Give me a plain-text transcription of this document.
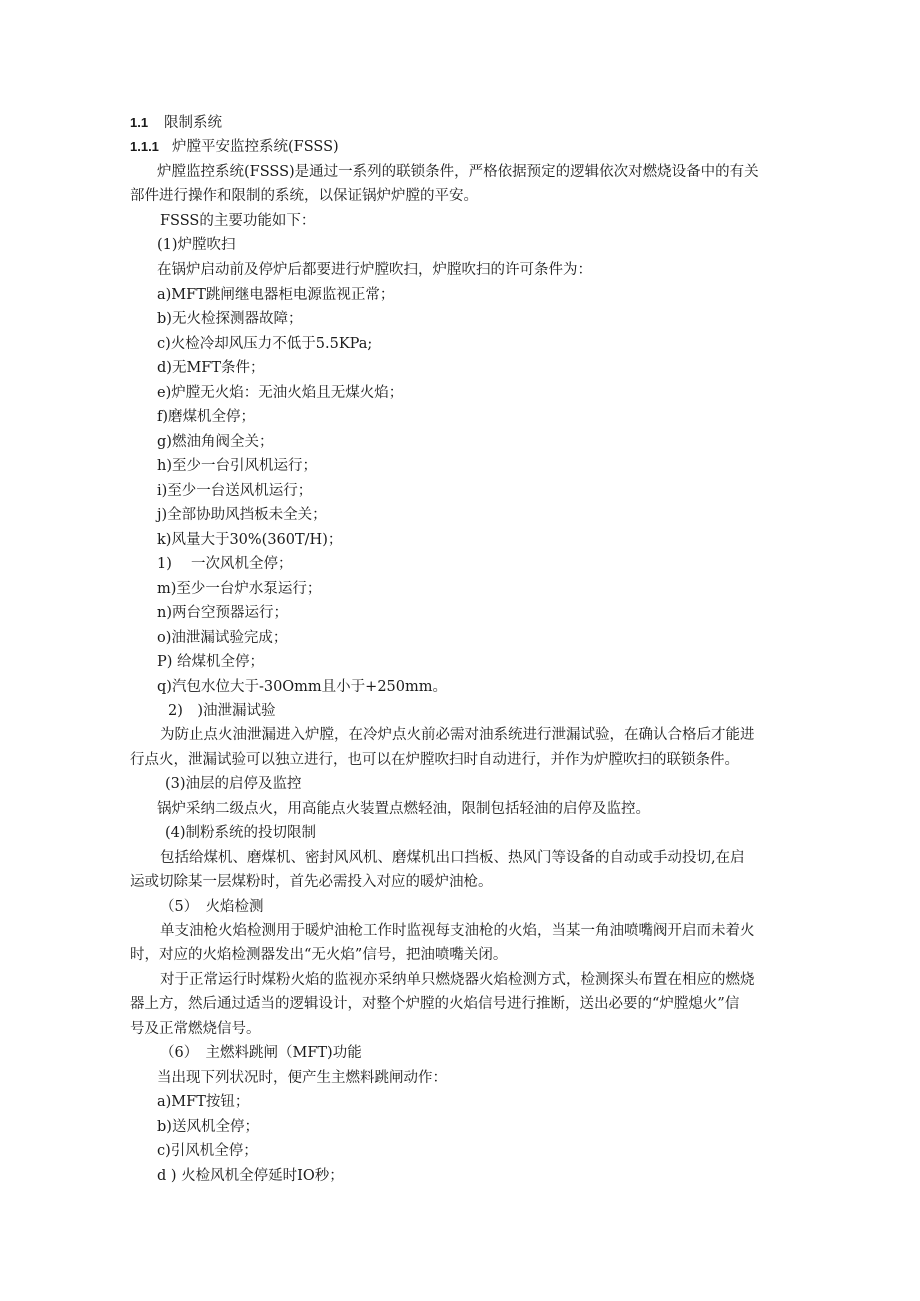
1.1 限制系统
1.1.1 炉膛平安监控系统(FSSS)
炉膛监控系统(FSSS)是通过一系列的联锁条件，严格依据预定的逻辑依次对燃烧设备中的有关
部件进行操作和限制的系统，以保证锅炉炉膛的平安。
FSSS的主要功能如下：
(1)炉膛吹扫
在锅炉启动前及停炉后都要进行炉膛吹扫，炉膛吹扫的许可条件为：
a)MFT跳闸继电器柜电源监视正常；
b)无火检探测器故障；
c)火检冷却风压力不低于5.5KPa;
d)无MFT条件；
e)炉膛无火焰：无油火焰且无煤火焰；
f)磨煤机全停；
g)燃油角阀全关；
h)至少一台引风机运行；
i)至少一台送风机运行；
j)全部协助风挡板未全关；
k)风量大于30%(360T/H)；
1)　 一次风机全停；
m)至少一台炉水泵运行；
n)两台空预器运行；
o)油泄漏试验完成；
P) 给煤机全停；
q)汽包水位大于-30Omm且小于+250mm。
2)　)油泄漏试验
为防止点火油泄漏进入炉膛，在冷炉点火前必需对油系统进行泄漏试验，在确认合格后才能进
行点火，泄漏试验可以独立进行，也可以在炉膛吹扫时自动进行，并作为炉膛吹扫的联锁条件。
(3)油层的启停及监控
锅炉采纳二级点火，用高能点火装置点燃轻油，限制包括轻油的启停及监控。
(4)制粉系统的投切限制
包括给煤机、磨煤机、密封风风机、磨煤机出口挡板、热风门等设备的自动或手动投切,在启
运或切除某一层煤粉时，首先必需投入对应的暖炉油枪。
（5）　火焰检测
单支油枪火焰检测用于暖炉油枪工作时监视每支油枪的火焰，当某一角油喷嘴阀开启而未着火
时，对应的火焰检测器发出“无火焰”信号，把油喷嘴关闭。
对于正常运行时煤粉火焰的监视亦采纳单只燃烧器火焰检测方式，检测探头布置在相应的燃烧
器上方，然后通过适当的逻辑设计，对整个炉膛的火焰信号进行推断，送出必要的“炉膛熄火”信
号及正常燃烧信号。
（6）　主燃料跳闸（MFT)功能
当出现下列状况时，便产生主燃料跳闸动作：
a)MFT按钮；
b)送风机全停；
c)引风机全停；
d ) 火检风机全停延时IO秒；
